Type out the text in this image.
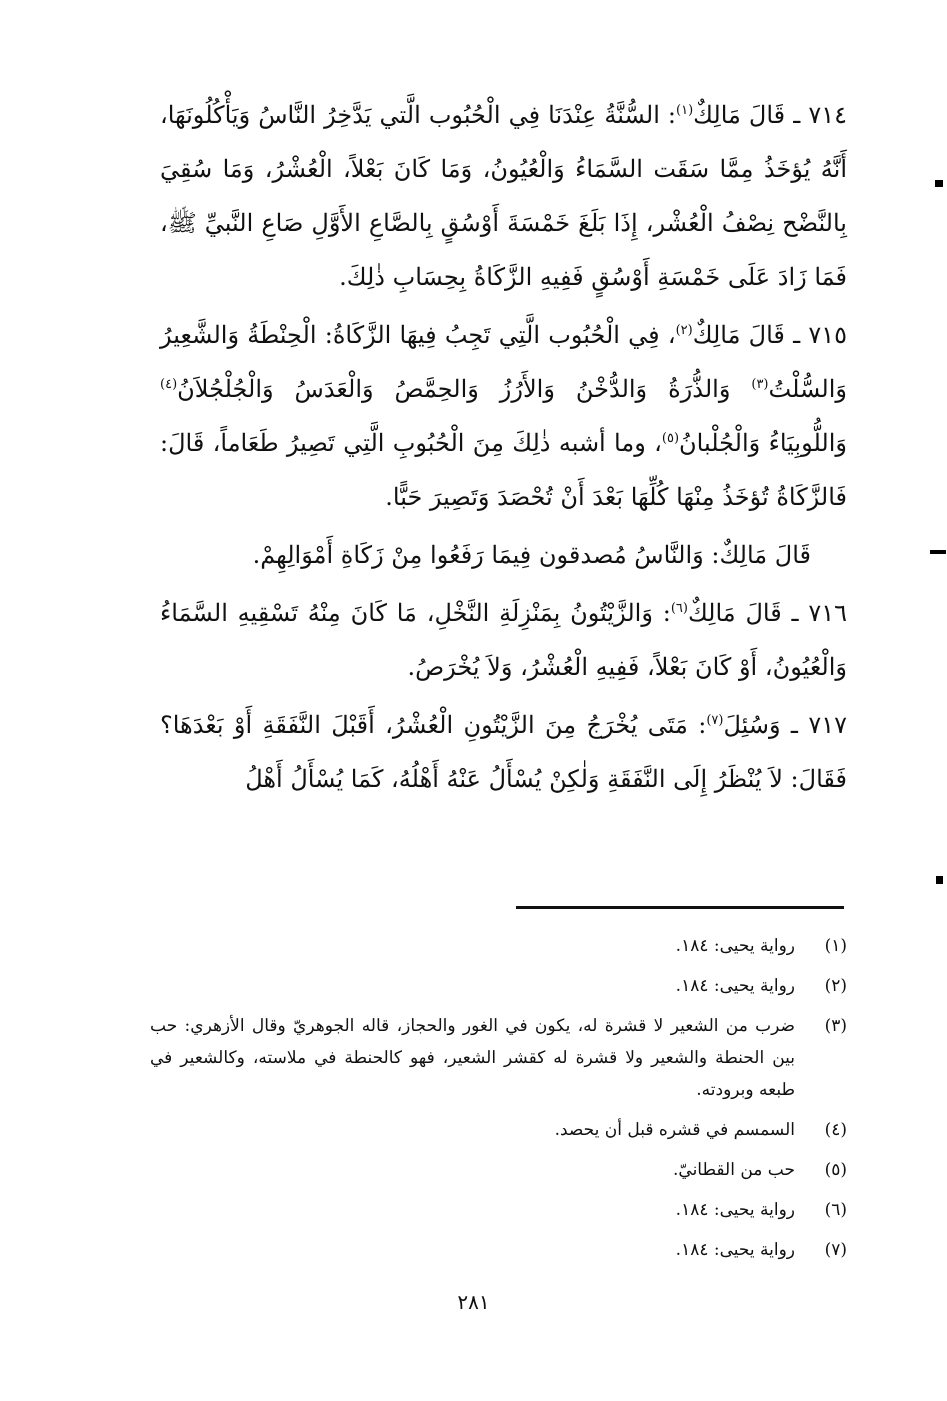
٧١٤ ـ قَالَ مَالِكٌ$^{(١)}$: السُّنَّةُ عِنْدَنَا فِي الْحُبُوب الَّتي يَدَّخِرُ النَّاسُ وَيَأْكُلُونَهَا، أَنَّهُ يُؤخَذُ مِمَّا سَقَت السَّمَاءُ وَالْعُيُونُ، وَمَا كَانَ بَعْلاً، الْعُشْرُ، وَمَا سُقِيَ بِالنَّضْح نِصْفُ الْعُشْر، إِذَا بَلَغَ خَمْسَةَ أَوْسُقٍ بِالصَّاعِ الأَوَّلِ صَاعِ النَّبيِّ ﷺ، فَمَا زَادَ عَلَى خَمْسَةِ أَوْسُقٍ فَفِيهِ الزَّكَاةُ بِحِسَابِ ذٰلِكَ.

٧١٥ ـ قَالَ مَالِكٌ$^{(٢)}$، فِي الْحُبُوب الَّتِي تَجِبُ فِيهَا الزَّكَاةُ: الْحِنْطَةُ وَالشَّعِيرُ وَالسُّلْتُ$^{(٣)}$ وَالذُّرَةُ وَالدُّخْنُ وَالأَرُزُ وَالحِمَّصُ وَالْعَدَسُ وَالْجُلْجُلاَنُ$^{(٤)}$ وَاللُّوبِيَاءُ وَالْجُلْبانُ$^{(٥)}$، وما أشبه ذٰلِكَ مِنَ الْحُبُوبِ الَّتِي تَصِيرُ طَعَاماً، قَالَ: فَالزَّكَاةُ تُؤخَذُ مِنْهَا كُلِّهَا بَعْدَ أَنْ تُحْصَدَ وَتَصِيرَ حَبًّا.

قَالَ مَالِكٌ: وَالنَّاسُ مُصدقون فِيمَا رَفَعُوا مِنْ زَكَاةِ أَمْوَالِهِمْ.

٧١٦ ـ قَالَ مَالِكٌ$^{(٦)}$: وَالزَّيْتُونُ بِمَنْزِلَةِ النَّخْلِ، مَا كَانَ مِنْهُ تَسْقِيهِ السَّمَاءُ وَالْعُيُونُ، أَوْ كَانَ بَعْلاً، فَفِيهِ الْعُشْرُ، وَلاَ يُخْرَصُ.

٧١٧ ـ وَسُئِلَ$^{(٧)}$: مَتَى يُخْرَجُ مِنَ الزَّيْتُونِ الْعُشْرُ، أَقَبْلَ النَّفَقَةِ أَوْ بَعْدَهَا؟ فَقَالَ: لاَ يُنْظَرُ إِلَى النَّفَقَةِ وَلٰكِنْ يُسْأَلُ عَنْهُ أَهْلُهُ، كَمَا يُسْأَلُ أَهْلُ

(١)
رواية يحيى: ١٨٤.
(٢)
رواية يحيى: ١٨٤.
(٣)
ضرب من الشعير لا قشرة له، يكون في الغور والحجاز، قاله الجوهريّ وقال الأزهري: حب بين الحنطة والشعير ولا قشرة له كقشر الشعير، فهو كالحنطة في ملاسته، وكالشعير في طبعه وبرودته.
(٤)
السمسم في قشره قبل أن يحصد.
(٥)
حب من القطانيّ.
(٦)
رواية يحيى: ١٨٤.
(٧)
رواية يحيى: ١٨٤.
٢٨١
